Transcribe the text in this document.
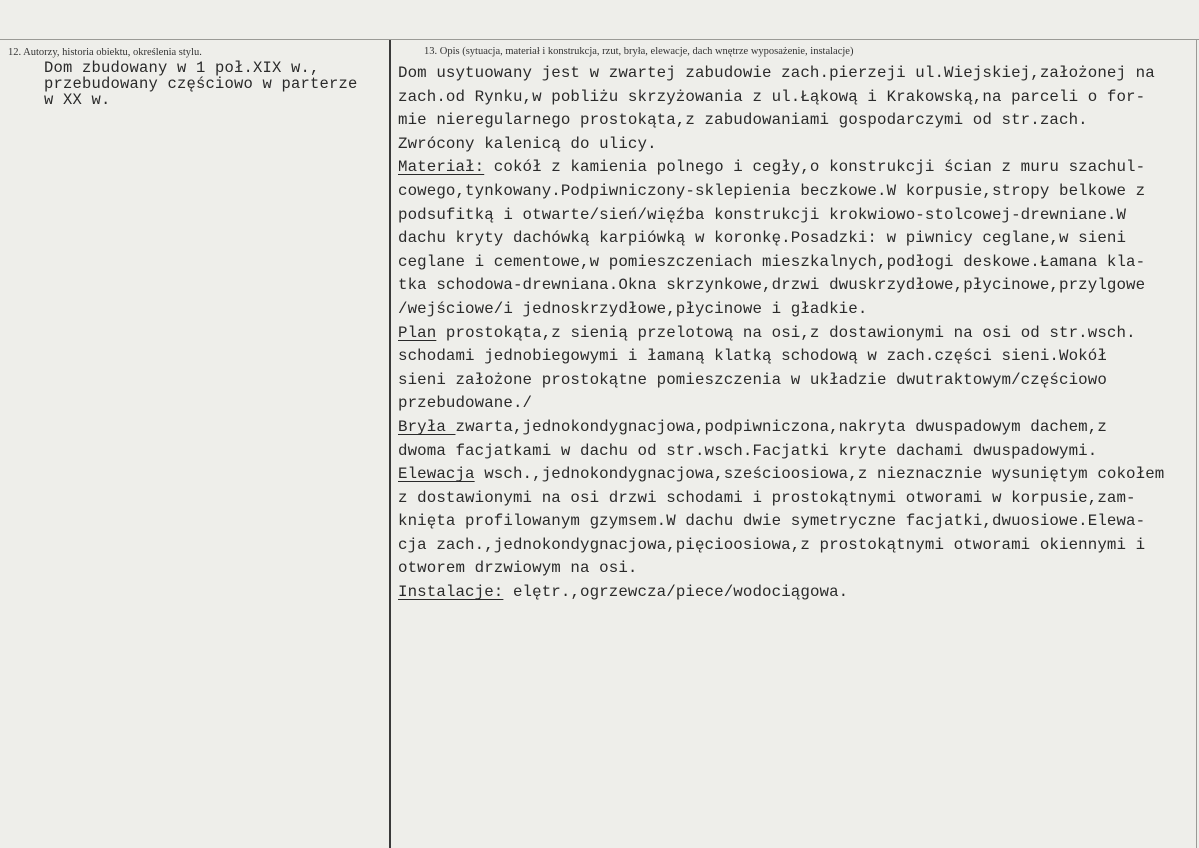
12. Autorzy, historia obiektu, określenia stylu.	13. Opis (sytuacja, materiał i konstrukcja, rzut, bryła, elewacje, dach wnętrze wyposażenie, instalacje)
Dom zbudowany w 1 poł.XIX w.,
przebudowany częściowo w parterze
w XX w.
Dom usytuowany jest w zwartej zabudowie zach.pierzeji ul.Wiejskiej,założonej na
zach.od Rynku,w pobliżu skrzyżowania z ul.Łąkową i Krakowską,na parceli o for-
mie nieregularnego prostokąta,z zabudowaniami gospodarczymi od str.zach.
Zwrócony kalenicą do ulicy.
Materiał: cokół z kamienia polnego i cegły,o konstrukcji ścian z muru szachul-
cowego,tynkowany.Podpiwniczony-sklepienia beczkowe.W korpusie,stropy belkowe z
podsufitką i otwarte/sień/więźba konstrukcji krokwiowo-stolcowej-drewniane.W
dachu kryty dachówką karpiówką w koronkę.Posadzki: w piwnicy ceglane,w sieni
ceglane i cementowe,w pomieszczeniach mieszkalnych,podłogi deskowe.Łamana kla-
tka schodowa-drewniana.Okna skrzynkowe,drzwi dwuskrzydłowe,płycinowe,przylgowe
/wejściowe/i jednoskrzydłowe,płycinowe i gładkie.
Plan prostokąta,z sienią przelotową na osi,z dostawionymi na osi od str.wsch.
schodami jednobiegowymi i łamaną klatką schodową w zach.części sieni.Wokół
sieni założone prostokątne pomieszczenia w układzie dwutraktowym/częściowo
przebudowane./
Bryła zwarta,jednokondygnacjowa,podpiwniczona,nakryta dwuspadowym dachem,z
dwoma facjatkami w dachu od str.wsch.Facjatki kryte dachami dwuspadowymi.
Elewacja wsch.,jednokondygnacjowa,sześcioosiowa,z nieznacznie wysuniętym cokołem
z dostawionymi na osi drzwi schodami i prostokątnymi otworami w korpusie,zam-
knięta profilowanym gzymsem.W dachu dwie symetryczne facjatki,dwuosiowe.Elewa-
cja zach.,jednokondygnacjowa,pięcioosiowa,z prostokątnymi otworami okiennymi i
otworem drzwiowym na osi.
Instalacje: elętr.,ogrzewcza/piece/wodociągowa.
